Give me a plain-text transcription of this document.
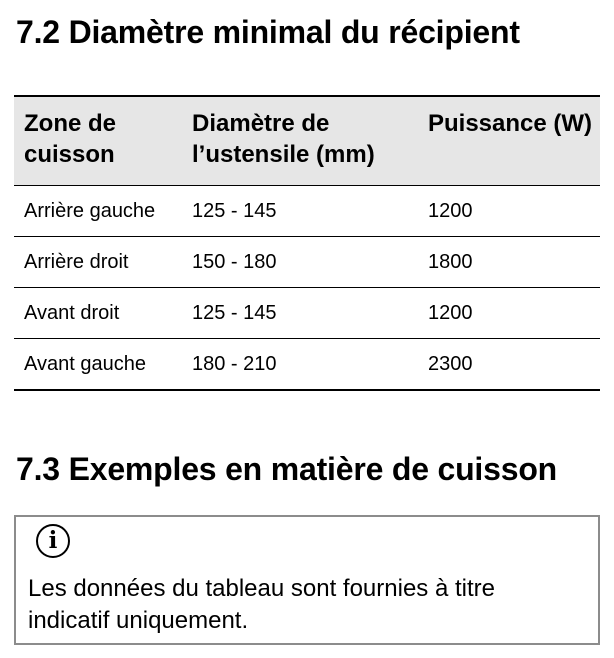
7.2 Diamètre minimal du récipient
Zone de cuisson	Diamètre de l’ustensile (mm)	Puissance (W)
Arrière gauche	125 - 145	1200
Arrière droit	150 - 180	1800
Avant droit	125 - 145	1200
Avant gauche	180 - 210	2300
7.3 Exemples en matière de cuisson
i

Les données du tableau sont fournies à titre indicatif uniquement.
